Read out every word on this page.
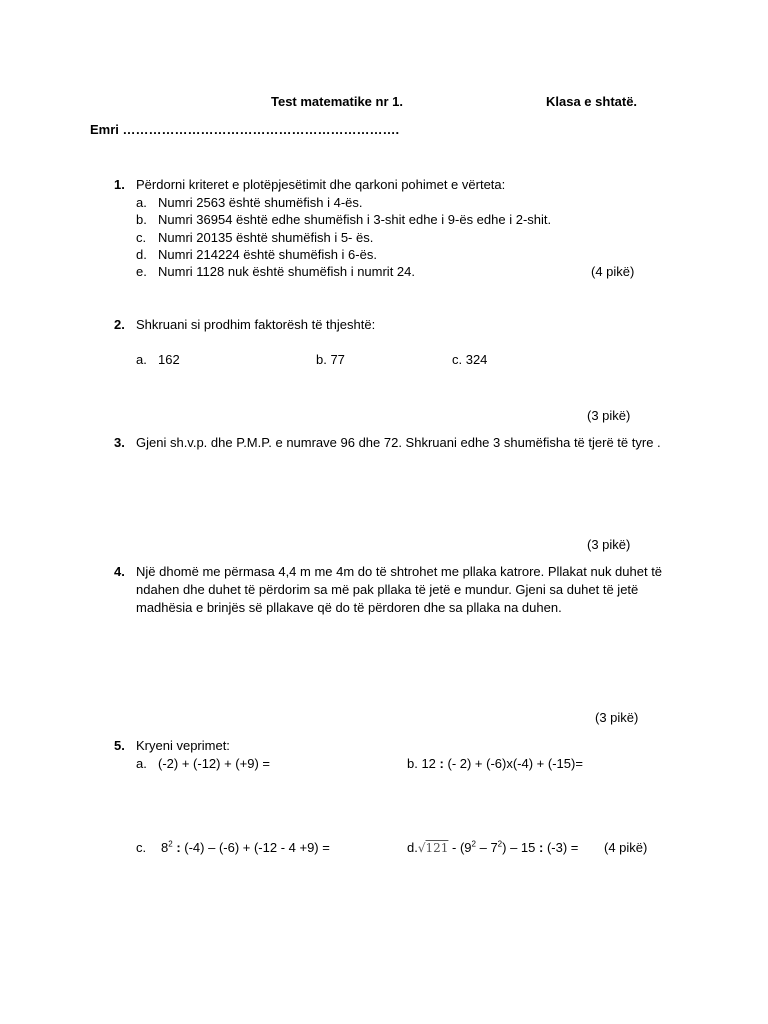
Test matematike nr 1.	Klasa e shtatë.
Emri ……………………………………………………….
1. Përdorni kriteret e plotëpjesëtimit dhe qarkoni pohimet e vërteta:
a. Numri 2563 është shumëfish i 4-ës.
b. Numri 36954 është edhe shumëfish i 3-shit edhe i 9-ës edhe i 2-shit.
c. Numri 20135 është shumëfish i 5- ës.
d. Numri 214224 është shumëfish i 6-ës.
e. Numri 1128 nuk është shumëfish i numrit 24.	(4 pikë)
2. Shkruani si prodhim faktorësh të thjeshtë:
a. 162	b. 77	c. 324
(3 pikë)
3. Gjeni sh.v.p. dhe P.M.P. e numrave 96 dhe 72. Shkruani edhe 3 shumëfisha të tjerë të tyre .
(3 pikë)
4. Një dhomë me përmasa 4,4 m me 4m do të shtrohet me pllaka katrore. Pllakat nuk duhet të ndahen dhe duhet të përdorim sa më pak pllaka të jetë e mundur. Gjeni sa duhet të jetë madhësia e brinjës së pllakave që do të përdoren dhe sa pllaka na duhen.
(3 pikë)
5. Kryeni veprimet:
a. (-2) + (-12) + (+9) =	b. 12 : (- 2) + (-6)x(-4) + (-15)=
c. $8^2$ : (-4) – (-6) + (-12 - 4 +9) =	$d.√121 - (9^2 - 7^2) - 15$ : (-3) = (4 pikë)
